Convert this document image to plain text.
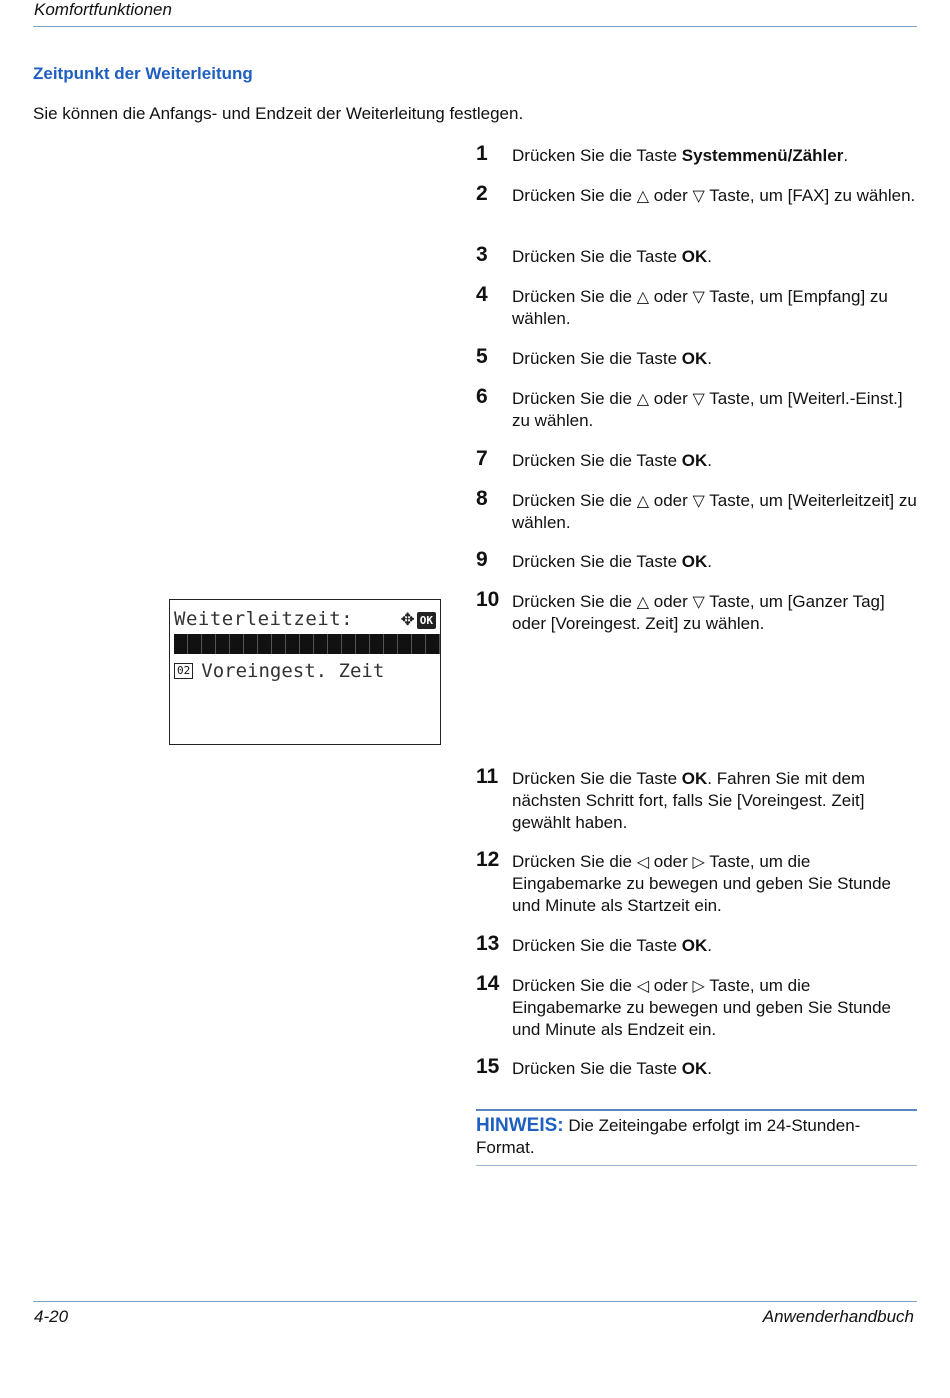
Komfortfunktionen
Zeitpunkt der Weiterleitung
Sie können die Anfangs- und Endzeit der Weiterleitung festlegen.
1	Drücken Sie die Taste Systemmenü/Zähler.
2	Drücken Sie die △ oder ▽ Taste, um [FAX] zu wählen.
3	Drücken Sie die Taste OK.
4	Drücken Sie die △ oder ▽ Taste, um [Empfang] zu wählen.
5	Drücken Sie die Taste OK.
6	Drücken Sie die △ oder ▽ Taste, um [Weiterl.-Einst.] zu wählen.
7	Drücken Sie die Taste OK.
8	Drücken Sie die △ oder ▽ Taste, um [Weiterleitzeit] zu wählen.
9	Drücken Sie die Taste OK.
10 Drücken Sie die △ oder ▽ Taste, um [Ganzer Tag] oder [Voreingest. Zeit] zu wählen.
11 Drücken Sie die Taste OK. Fahren Sie mit dem nächsten Schritt fort, falls Sie [Voreingest. Zeit] gewählt haben.
12 Drücken Sie die ◁ oder ▷ Taste, um die Eingabemarke zu bewegen und geben Sie Stunde und Minute als Startzeit ein.
13 Drücken Sie die Taste OK.
14 Drücken Sie die ◁ oder ▷ Taste, um die Eingabemarke zu bewegen und geben Sie Stunde und Minute als Endzeit ein.
15 Drücken Sie die Taste OK.
Weiterleitzeit:	✥ OK
02 Voreingest. Zeit
HINWEIS: Die Zeiteingabe erfolgt im 24-Stunden-Format.
4-20	Anwenderhandbuch
